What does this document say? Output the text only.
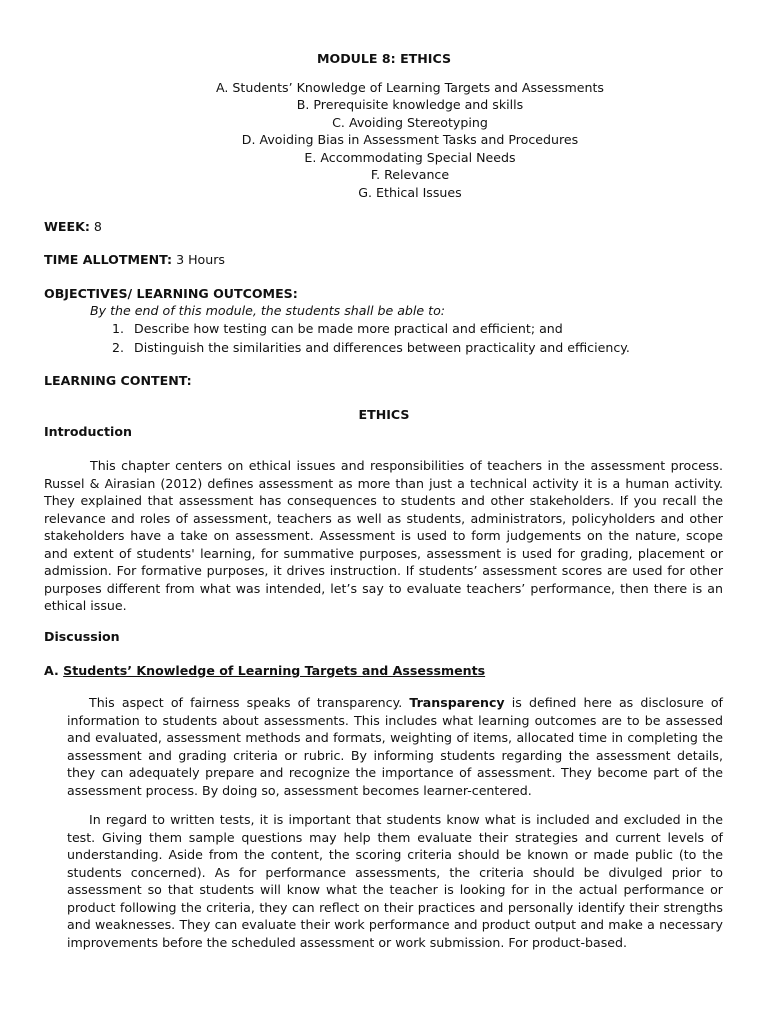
MODULE 8: ETHICS
A. Students’ Knowledge of Learning Targets and Assessments
B. Prerequisite knowledge and skills
C. Avoiding Stereotyping
D. Avoiding Bias in Assessment Tasks and Procedures
E. Accommodating Special Needs
F. Relevance
G. Ethical Issues
WEEK: 8
TIME ALLOTMENT: 3 Hours
OBJECTIVES/ LEARNING OUTCOMES:
By the end of this module, the students shall be able to:
1. Describe how testing can be made more practical and efficient; and
2. Distinguish the similarities and differences between practicality and efficiency.
LEARNING CONTENT:
ETHICS
Introduction
This chapter centers on ethical issues and responsibilities of teachers in the assessment process. Russel & Airasian (2012) defines assessment as more than just a technical activity it is a human activity. They explained that assessment has consequences to students and other stakeholders. If you recall the relevance and roles of assessment, teachers as well as students, administrators, policyholders and other stakeholders have a take on assessment. Assessment is used to form judgements on the nature, scope and extent of students' learning, for summative purposes, assessment is used for grading, placement or admission. For formative purposes, it drives instruction. If students’ assessment scores are used for other purposes different from what was intended, let’s say to evaluate teachers’ performance, then there is an ethical issue.
Discussion
A. Students’ Knowledge of Learning Targets and Assessments
This aspect of fairness speaks of transparency. Transparency is defined here as disclosure of information to students about assessments. This includes what learning outcomes are to be assessed and evaluated, assessment methods and formats, weighting of items, allocated time in completing the assessment and grading criteria or rubric. By informing students regarding the assessment details, they can adequately prepare and recognize the importance of assessment. They become part of the assessment process. By doing so, assessment becomes learner-centered.
In regard to written tests, it is important that students know what is included and excluded in the test. Giving them sample questions may help them evaluate their strategies and current levels of understanding. Aside from the content, the scoring criteria should be known or made public (to the students concerned). As for performance assessments, the criteria should be divulged prior to assessment so that students will know what the teacher is looking for in the actual performance or product following the criteria, they can reflect on their practices and personally identify their strengths and weaknesses. They can evaluate their work performance and product output and make a necessary improvements before the scheduled assessment or work submission. For product-based.
